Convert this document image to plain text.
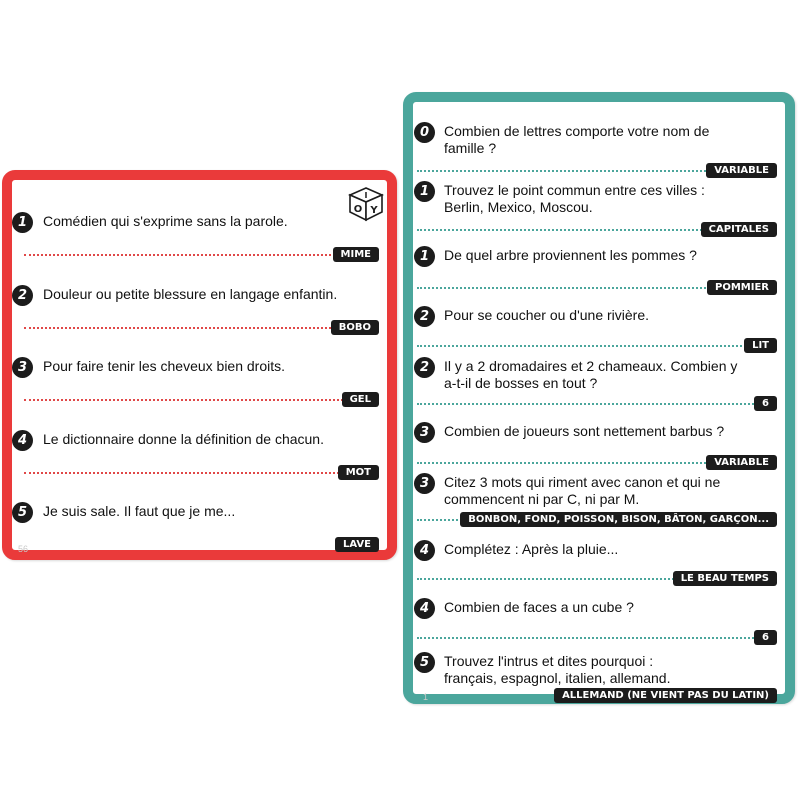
I
O Y
1	Comédien qui s'exprime sans la parole.
MIME
2	Douleur ou petite blessure en langage enfantin.
BOBO
3	Pour faire tenir les cheveux bien droits.
GEL
4	Le dictionnaire donne la définition de chacun.
MOT
5	Je suis sale. Il faut que je me...
LAVE
56
0	Combien de lettres comporte votre nom de
famille ?
VARIABLE
1	Trouvez le point commun entre ces villes :
Berlin, Mexico, Moscou.
CAPITALES
1	De quel arbre proviennent les pommes ?
POMMIER
2	Pour se coucher ou d'une rivière.
LIT
2	Il y a 2 dromadaires et 2 chameaux. Combien y
a-t-il de bosses en tout ?
6
3	Combien de joueurs sont nettement barbus ?
VARIABLE
3	Citez 3 mots qui riment avec canon et qui ne
commencent ni par C, ni par M.
BONBON, FOND, POISSON, BISON, BÂTON, GARÇON...
4	Complétez : Après la pluie...
LE BEAU TEMPS
4	Combien de faces a un cube ?
6
5	Trouvez l'intrus et dites pourquoi :
français, espagnol, italien, allemand.
ALLEMAND (NE VIENT PAS DU LATIN)
1
